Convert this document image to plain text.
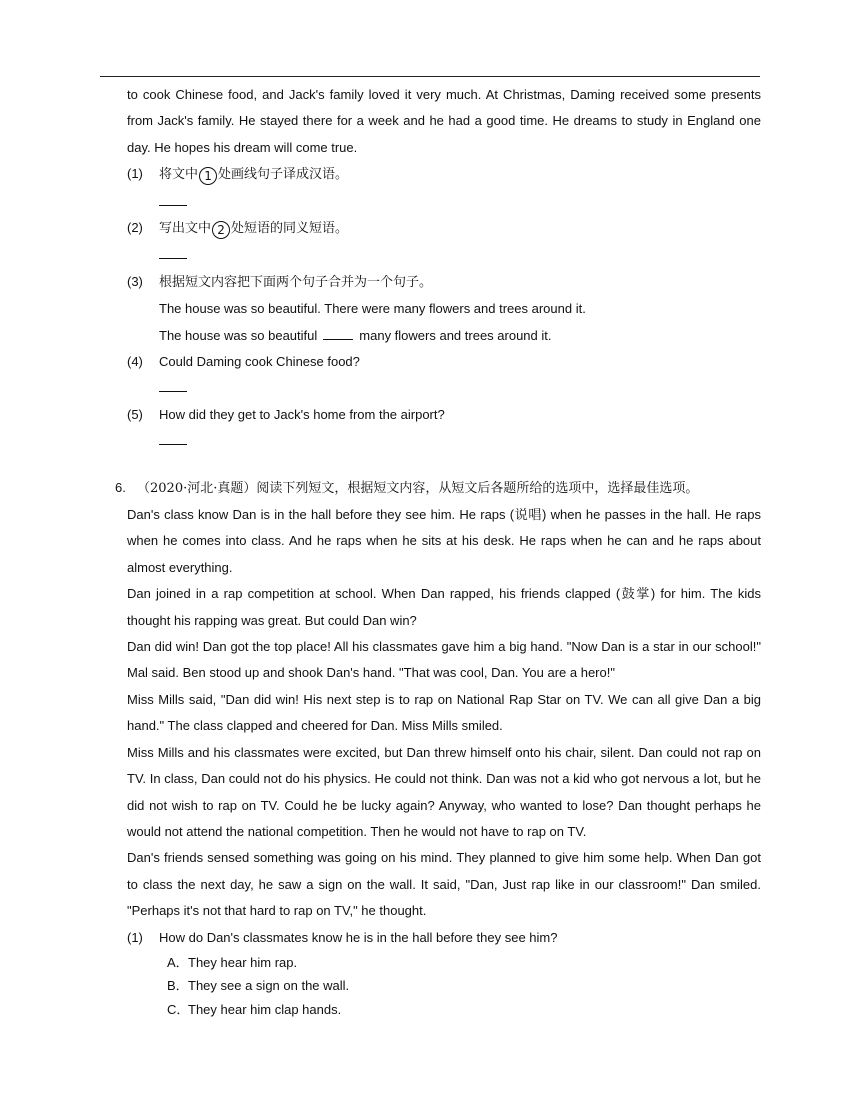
to cook Chinese food, and Jack's family loved it very much. At Christmas, Daming received some presents from Jack's family. He stayed there for a week and he had a good time. He dreams to study in England one day. He hopes his dream will come true.

(1) 将文中 1 处画线句子译成汉语。
(2) 写出文中 2 处短语的同义短语。
(3) 根据短文内容把下面两个句子合并为一个句子。
The house was so beautiful. There were many flowers and trees around it.
The house was so beautiful	many flowers and trees around it.
(4) Could Daming cook Chinese food?
(5) How did they get to Jack's home from the airport?
6. （2020·河北·真题）阅读下列短文，根据短文内容，从短文后各题所给的选项中，选择最佳选项。

Dan's class know Dan is in the hall before they see him. He raps (说唱) when he passes in the hall. He raps when he comes into class. And he raps when he sits at his desk. He raps when he can and he raps about almost everything.

Dan joined in a rap competition at school. When Dan rapped, his friends clapped (鼓掌) for him. The kids thought his rapping was great. But could Dan win?

Dan did win! Dan got the top place! All his classmates gave him a big hand. "Now Dan is a star in our school!" Mal said. Ben stood up and shook Dan's hand. "That was cool, Dan. You are a hero!"

Miss Mills said, "Dan did win! His next step is to rap on National Rap Star on TV. We can all give Dan a big hand." The class clapped and cheered for Dan. Miss Mills smiled.

Miss Mills and his classmates were excited, but Dan threw himself onto his chair, silent. Dan could not rap on TV. In class, Dan could not do his physics. He could not think. Dan was not a kid who got nervous a lot, but he did not wish to rap on TV. Could he be lucky again? Anyway, who wanted to lose? Dan thought perhaps he would not attend the national competition. Then he would not have to rap on TV.

Dan's friends sensed something was going on his mind. They planned to give him some help. When Dan got to class the next day, he saw a sign on the wall. It said, "Dan, Just rap like in our classroom!" Dan smiled. "Perhaps it's not that hard to rap on TV," he thought.

(1) How do Dan's classmates know he is in the hall before they see him?
A．They hear him rap.
B．They see a sign on the wall.
C．They hear him clap hands.
